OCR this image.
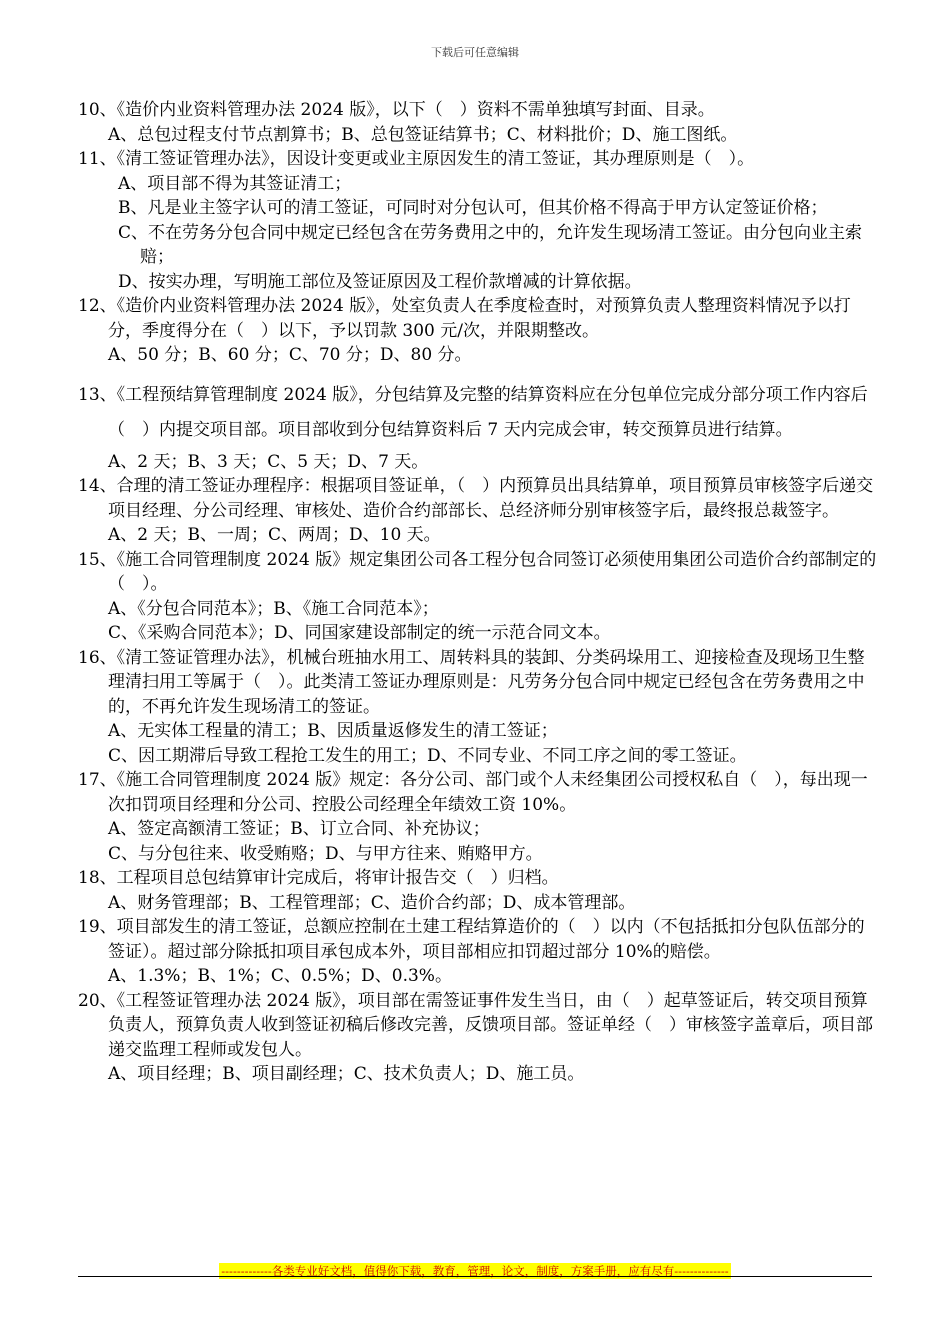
下载后可任意编辑

10、《造价内业资料管理办法 2024 版》，以下（　）资料不需单独填写封面、目录。

A、总包过程支付节点割算书；B、总包签证结算书；C、材料批价；D、施工图纸。

11、《清工签证管理办法》，因设计变更或业主原因发生的清工签证，其办理原则是（　）。

A、项目部不得为其签证清工；

B、凡是业主签字认可的清工签证，可同时对分包认可，但其价格不得高于甲方认定签证价格；

C、不在劳务分包合同中规定已经包含在劳务费用之中的，允许发生现场清工签证。由分包向业主索赔；

D、按实办理，写明施工部位及签证原因及工程价款增减的计算依据。

12、《造价内业资料管理办法 2024 版》，处室负责人在季度检查时，对预算负责人整理资料情况予以打分，季度得分在（　）以下，予以罚款 300 元/次，并限期整改。

A、50 分；B、60 分；C、70 分；D、80 分。

13、《工程预结算管理制度 2024 版》，分包结算及完整的结算资料应在分包单位完成分部分项工作内容后（　）内提交项目部。项目部收到分包结算资料后 7 天内完成会审，转交预算员进行结算。

A、2 天；B、3 天；C、5 天；D、7 天。

14、合理的清工签证办理程序：根据项目签证单，（　）内预算员出具结算单，项目预算员审核签字后递交项目经理、分公司经理、审核处、造价合约部部长、总经济师分别审核签字后，最终报总裁签字。

A、2 天；B、一周；C、两周；D、10 天。

15、《施工合同管理制度 2024 版》规定集团公司各工程分包合同签订必须使用集团公司造价合约部制定的（　）。

A、《分包合同范本》；B、《施工合同范本》；

C、《采购合同范本》；D、同国家建设部制定的统一示范合同文本。

16、《清工签证管理办法》，机械台班抽水用工、周转料具的装卸、分类码垛用工、迎接检查及现场卫生整理清扫用工等属于（　）。此类清工签证办理原则是：凡劳务分包合同中规定已经包含在劳务费用之中的，不再允许发生现场清工的签证。

A、无实体工程量的清工；B、因质量返修发生的清工签证；

C、因工期滞后导致工程抢工发生的用工；D、不同专业、不同工序之间的零工签证。

17、《施工合同管理制度 2024 版》规定：各分公司、部门或个人未经集团公司授权私自（　），每出现一次扣罚项目经理和分公司、控股公司经理全年绩效工资 10%。

A、签定高额清工签证；B、订立合同、补充协议；

C、与分包往来、收受贿赂；D、与甲方往来、贿赂甲方。

18、工程项目总包结算审计完成后，将审计报告交（　）归档。

A、财务管理部；B、工程管理部；C、造价合约部；D、成本管理部。

19、项目部发生的清工签证，总额应控制在土建工程结算造价的（　）以内（不包括抵扣分包队伍部分的签证）。超过部分除抵扣项目承包成本外，项目部相应扣罚超过部分 10%的赔偿。

A、1.3%；B、1%；C、0.5%；D、0.3%。

20、《工程签证管理办法 2024 版》，项目部在需签证事件发生当日，由（　）起草签证后，转交项目预算负责人，预算负责人收到签证初稿后修改完善，反馈项目部。签证单经（　）审核签字盖章后，项目部递交监理工程师或发包人。

A、项目经理；B、项目副经理；C、技术负责人；D、施工员。

-------------各类专业好文档，值得你下载，教育，管理，论文，制度，方案手册，应有尽有--------------
